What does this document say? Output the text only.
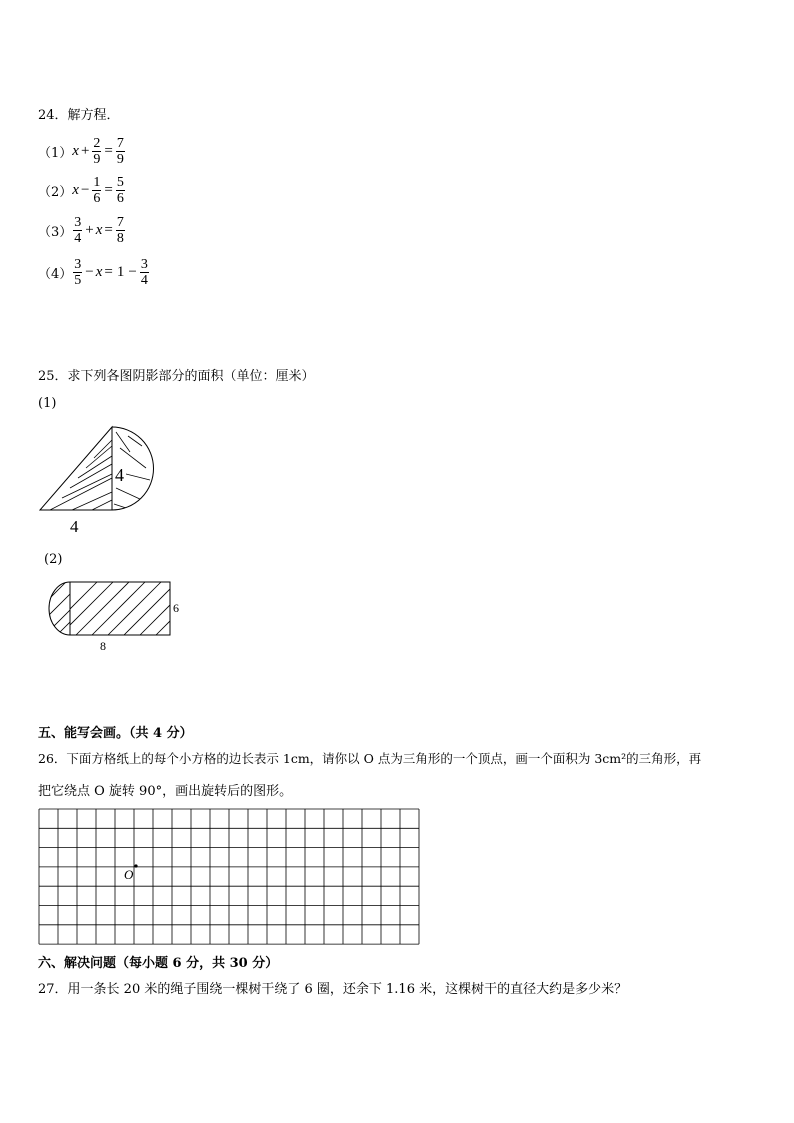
24．解方程．
（1） $x + \frac{2}{9} = \frac{7}{9}$
（2） $x - \frac{1}{6} = \frac{5}{6}$
$(3) \frac{3}{4} + x = \frac{7}{8}$
$(4) \frac{3}{5} - x = 1 - \frac{3}{4}$
25．求下列各图阴影部分的面积（单位：厘米）
(1)
4
4
(2)
6
8
五、能写会画。（共 4 分）
26．下面方格纸上的每个小方格的边长表示 1cm，请你以 O 点为三角形的一个顶点，画一个面积为 3cm²的三角形，再
把它绕点 O 旋转 90°，画出旋转后的图形。
O
六、解决问题（每小题 6 分，共 30 分）
27．用一条长 20 米的绳子围绕一棵树干绕了 6 圈，还余下 1.16 米，这棵树干的直径大约是多少米？
